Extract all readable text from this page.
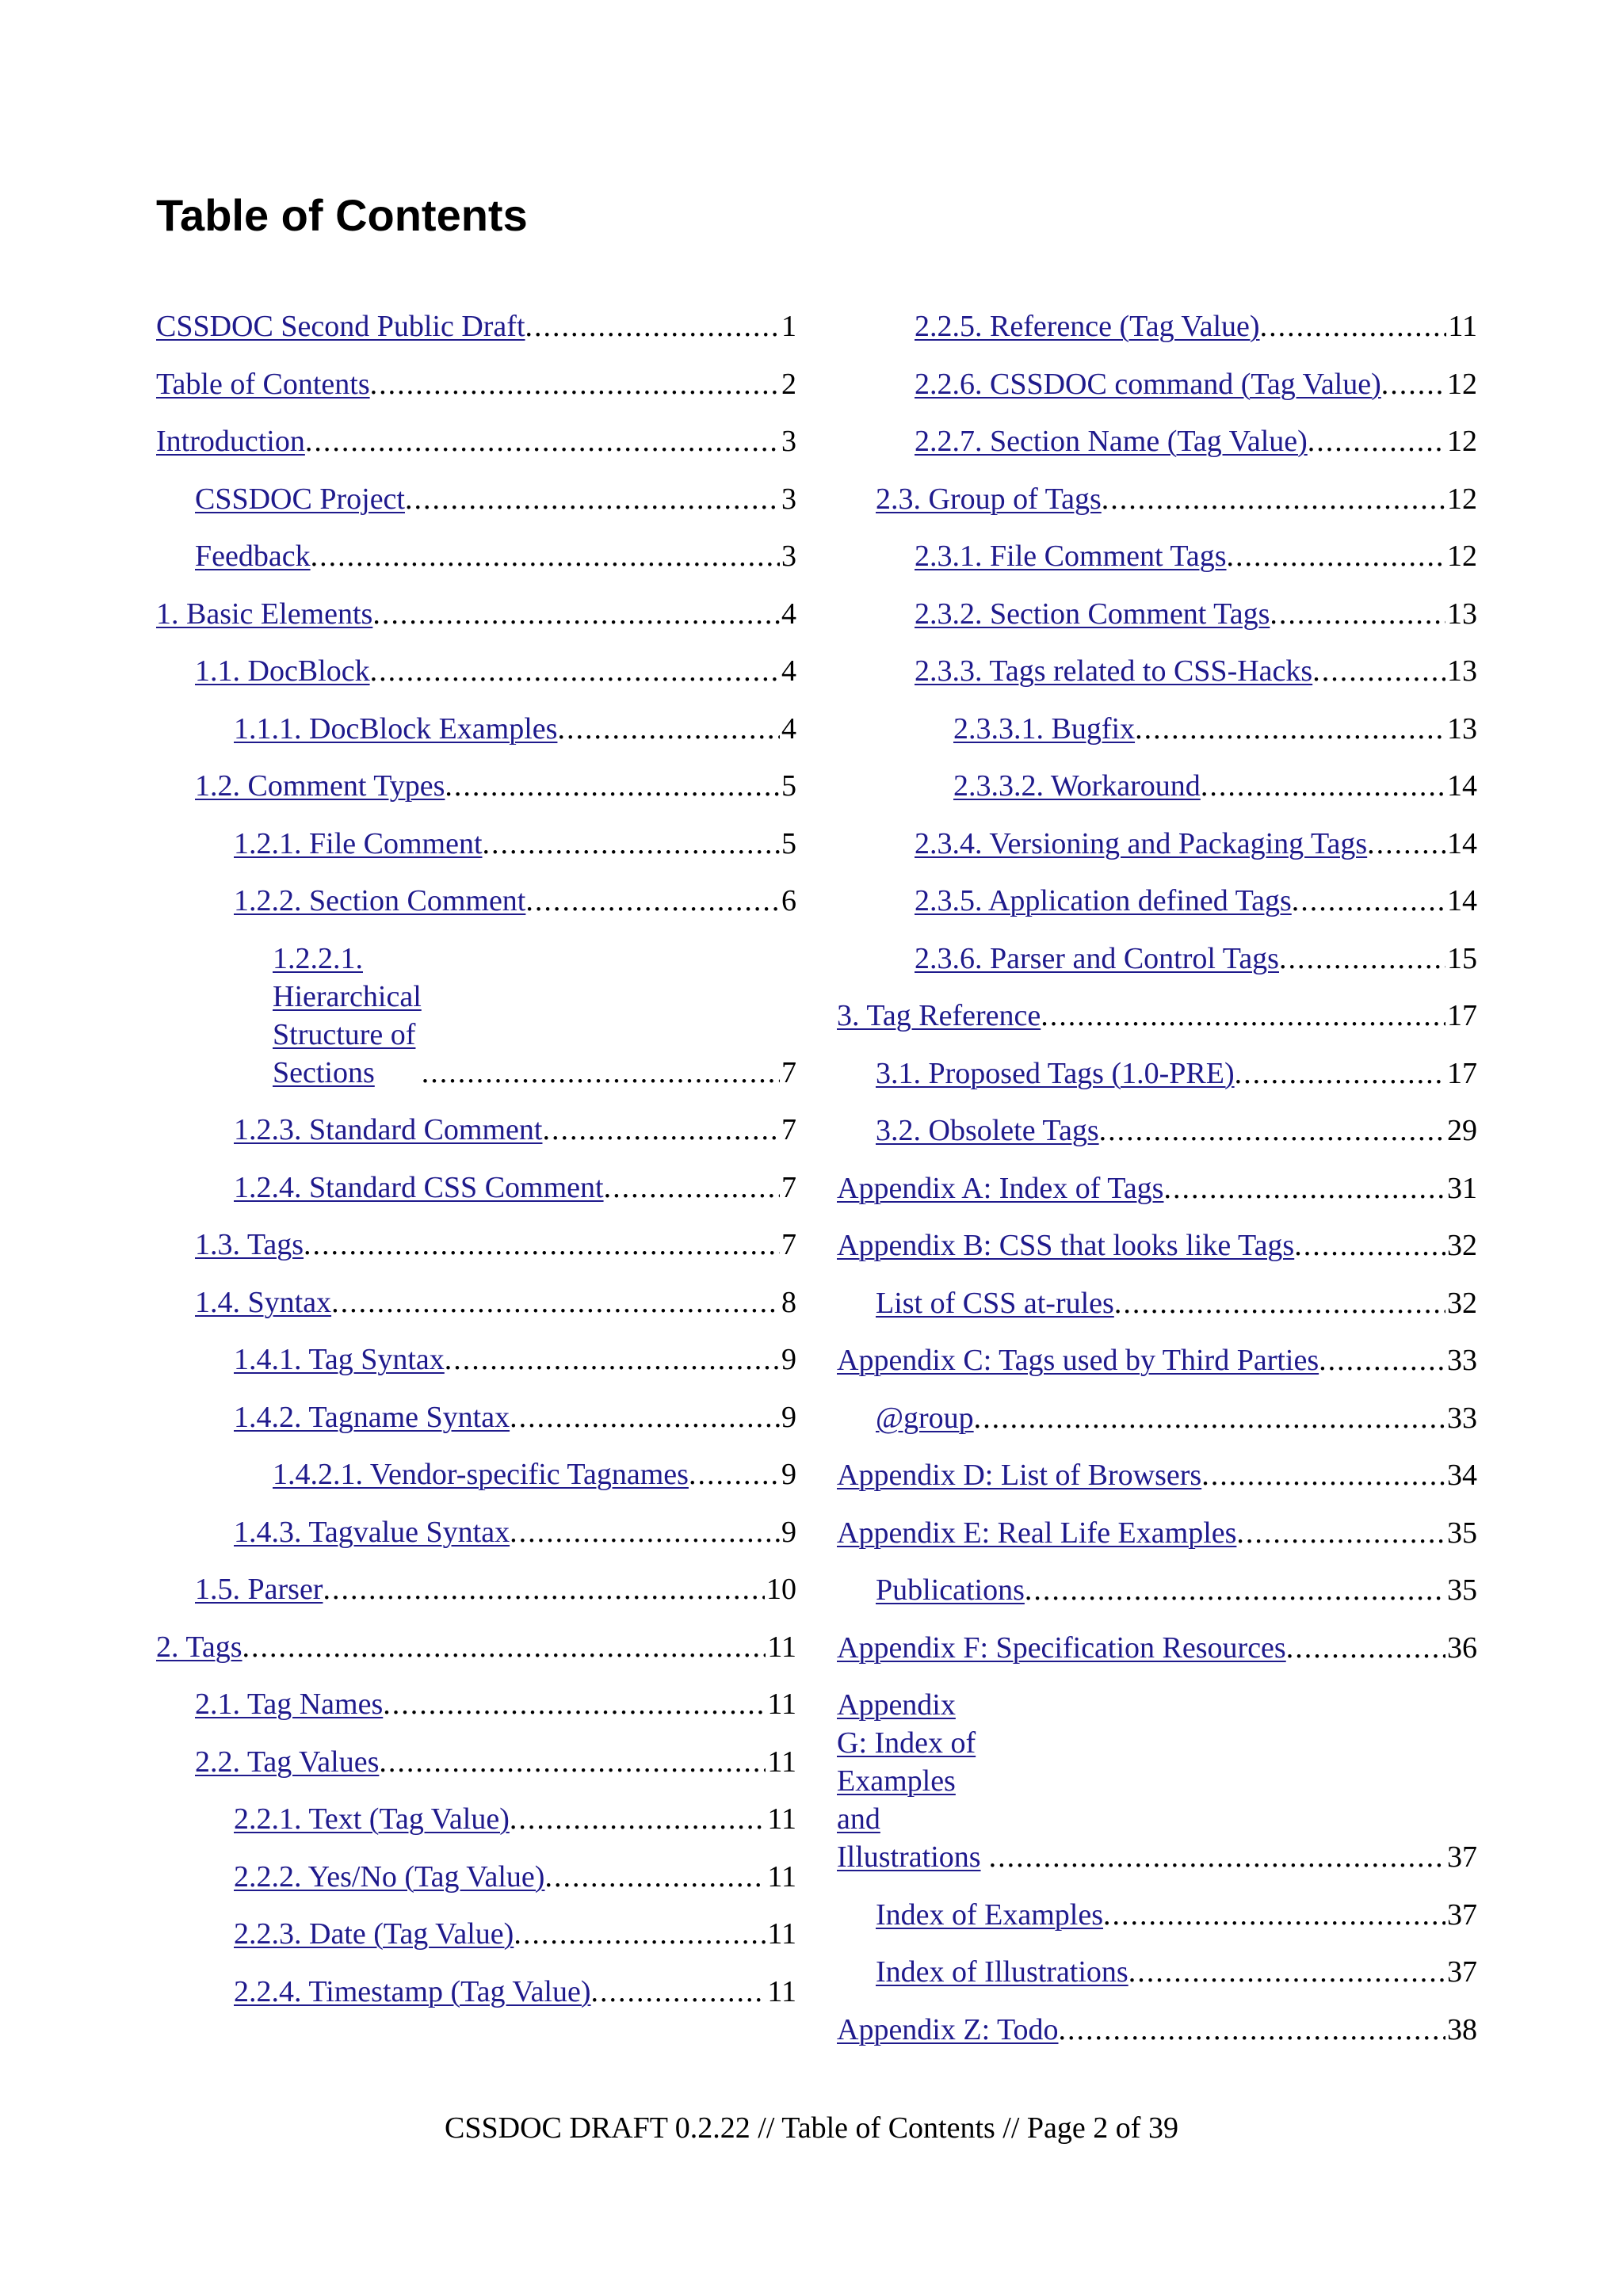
Table of Contents
CSSDOC Second Public Draft .....	1
Table of Contents .....	2
Introduction .....	3
CSSDOC Project .....	3
Feedback .....	3
1. Basic Elements .....	4
1.1. DocBlock .....	4
1.1.1. DocBlock Examples .....	4
1.2. Comment Types .....	5
1.2.1. File Comment .....	5
1.2.2. Section Comment .....	6
1.2.2.1. Hierarchical Structure of Sections .....	7
1.2.3. Standard Comment .....	7
1.2.4. Standard CSS Comment .....	7
1.3. Tags .....	7
1.4. Syntax .....	8
1.4.1. Tag Syntax .....	9
1.4.2. Tagname Syntax .....	9
1.4.2.1. Vendor-specific Tagnames .....	9
1.4.3. Tagvalue Syntax .....	9
1.5. Parser .....	10
2. Tags .....	11
2.1. Tag Names .....	11
2.2. Tag Values .....	11
2.2.1. Text (Tag Value) .....	11
2.2.2. Yes/No (Tag Value) .....	11
2.2.3. Date (Tag Value) .....	11
2.2.4. Timestamp (Tag Value) .....	11
2.2.5. Reference (Tag Value) .....	11
2.2.6. CSSDOC command (Tag Value) ..... 12
2.2.7. Section Name (Tag Value) .....	12
2.3. Group of Tags .....	12
2.3.1. File Comment Tags .....	12
2.3.2. Section Comment Tags .....	13
2.3.3. Tags related to CSS-Hacks .....	13
2.3.3.1. Bugfix .....	13
2.3.3.2. Workaround .....	14
2.3.4. Versioning and Packaging Tags .....	14
2.3.5. Application defined Tags .....	14
2.3.6. Parser and Control Tags .....	15
3. Tag Reference .....	17
3.1. Proposed Tags (1.0-PRE) .....	17
3.2. Obsolete Tags .....	29
Appendix A: Index of Tags .....	31
Appendix B: CSS that looks like Tags .....	32
List of CSS at-rules .....	32
Appendix C: Tags used by Third Parties .....	33
@group .....	33
Appendix D: List of Browsers .....	34
Appendix E: Real Life Examples .....	35
Publications .....	35
Appendix F: Specification Resources .....	36
Appendix G: Index of Examples and Illustrations .....	37
Index of Examples .....	37
Index of Illustrations .....	37
Appendix Z: Todo .....	38
CSSDOC DRAFT 0.2.22 // Table of Contents // Page 2 of 39
